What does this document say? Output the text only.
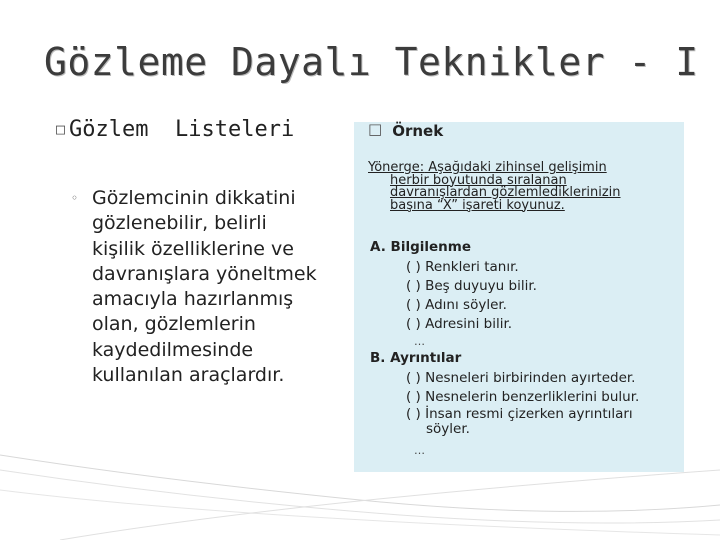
Gözleme Dayalı Teknikler - I
□ Gözlem  Listeleri
◦ Gözlemcinin dikkatini gözlenebilir, belirli kişilik özelliklerine ve davranışlara yöneltmek amacıyla hazırlanmış olan, gözlemlerin kaydedilmesinde kullanılan araçlardır.
□ Örnek
Yönerge: Aşağıdaki zihinsel gelişimin
herbir boyutunda sıralanan
davranışlardan gözlemlediklerinizin
başına “X” işareti koyunuz.
A. Bilgilenme
( ) Renkleri tanır.
( ) Beş duyuyu bilir.
( ) Adını söyler.
( ) Adresini bilir.
…
B. Ayrıntılar
( ) Nesneleri birbirinden ayırteder.
( ) Nesnelerin benzerliklerini bulur.
( ) İnsan resmi çizerken ayrıntıları
söyler.
…
